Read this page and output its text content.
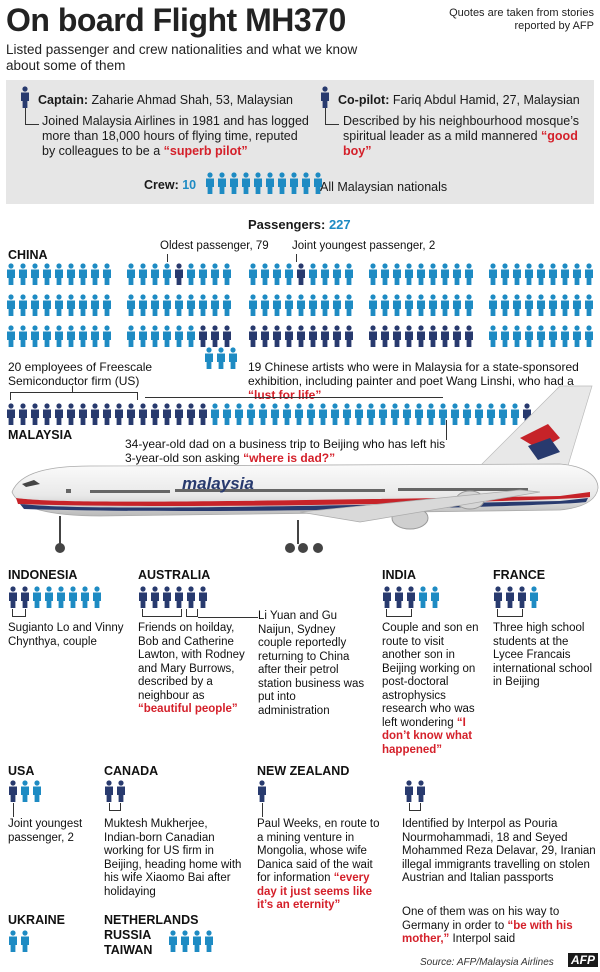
On board Flight MH370
Listed passenger and crew nationalities and what we know about some of them
Quotes are taken from stories reported by AFP
Captain: Zaharie Ahmad Shah, 53, Malaysian
Joined Malaysia Airlines in 1981 and has logged more than 18,000 hours of flying time, reputed by colleagues to be a “superb pilot”
Co-pilot: Fariq Abdul Hamid, 27, Malaysian
Described by his neighbourhood mosque’s spiritual leader as a mild mannered “good boy”
Crew: 10	All Malaysian nationals
Passengers: 227
CHINA
Oldest passenger, 79 Joint youngest passenger, 2
20 employees of Freescale Semiconductor firm (US)
19 Chinese artists who were in Malaysia for a state-sponsored exhibition, including painter and poet Wang Linshi, who had a “lust for life”
MALAYSIA
34-year-old dad on a business trip to Beijing who has left his 3-year-old son asking “where is dad?”
malaysia
INDONESIA
Sugianto Lo and Vinny Chynthya, couple
AUSTRALIA
Friends on hoilday, Bob and Catherine Lawton, with Rodney and Mary Burrows, described by a neighbour as “beautiful people”
Li Yuan and Gu Naijun, Sydney couple reportedly returning to China after their petrol station business was put into administration
INDIA
Couple and son en route to visit another son in Beijing working on post-doctoral astrophysics research who was left wondering “I don’t know what happened”
FRANCE
Three high school students at the Lycee Francais international school in Beijing
USA
Joint youngest passenger, 2
CANADA
Muktesh Mukherjee, Indian-born Canadian working for US firm in Beijing, heading home with his wife Xiaomo Bai after holidaying
NEW ZEALAND
Paul Weeks, en route to a mining venture in Mongolia, whose wife Danica said of the wait for information “every day it just seems like it’s an eternity”
Identified by Interpol as Pouria Nourmohammadi, 18 and Seyed Mohammed Reza Delavar, 29, Iranian illegal immigrants travelling on stolen Austrian and Italian passports
One of them was on his way to Germany in order to “be with his mother,” Interpol said
UKRAINE	NETHERLANDS
RUSSIA
TAIWAN
Source: AFP/Malaysia Airlines AFP
